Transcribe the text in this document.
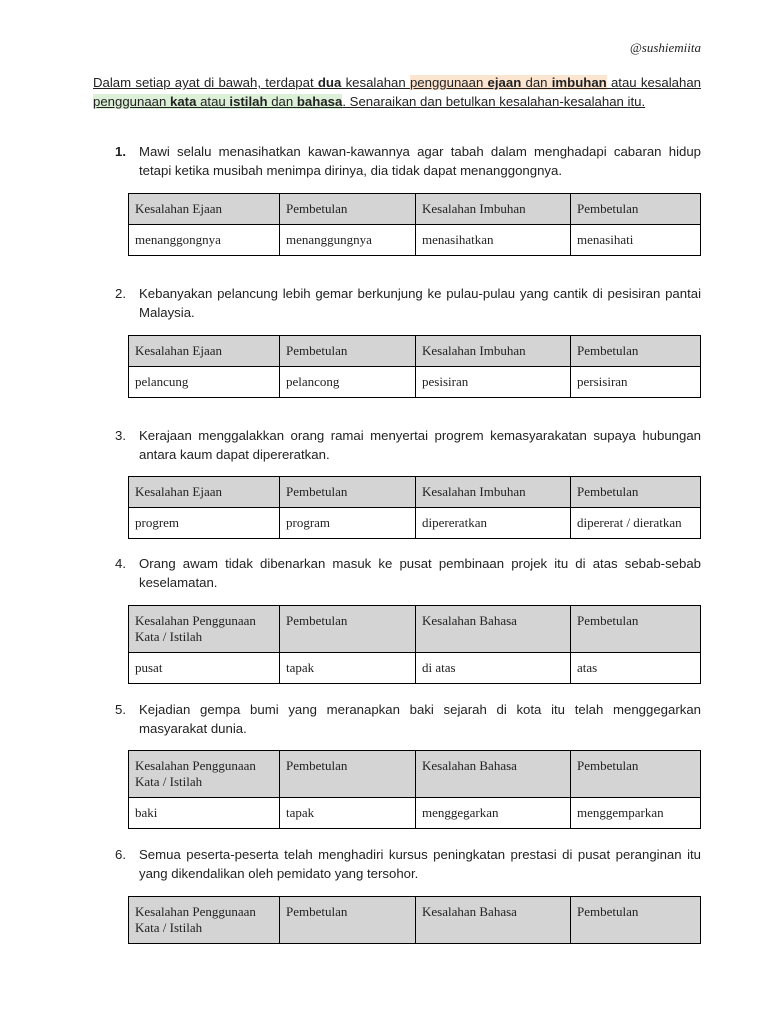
@sushiemiita
Dalam setiap ayat di bawah, terdapat dua kesalahan penggunaan ejaan dan imbuhan atau kesalahan penggunaan kata atau istilah dan bahasa. Senaraikan dan betulkan kesalahan-kesalahan itu.
1. Mawi selalu menasihatkan kawan-kawannya agar tabah dalam menghadapi cabaran hidup tetapi ketika musibah menimpa dirinya, dia tidak dapat menanggongnya.
Kesalahan Ejaan	Pembetulan	Kesalahan Imbuhan	Pembetulan
menanggongnya	menanggungnya	menasihatkan	menasihati
2. Kebanyakan pelancung lebih gemar berkunjung ke pulau-pulau yang cantik di pesisiran pantai Malaysia.
Kesalahan Ejaan	Pembetulan	Kesalahan Imbuhan	Pembetulan
pelancung	pelancong	pesisiran	persisiran
3. Kerajaan menggalakkan orang ramai menyertai progrem kemasyarakatan supaya hubungan antara kaum dapat dipereratkan.
Kesalahan Ejaan	Pembetulan	Kesalahan Imbuhan	Pembetulan
progrem	program	dipereratkan	dipererat / dieratkan
4. Orang awam tidak dibenarkan masuk ke pusat pembinaan projek itu di atas sebab-sebab keselamatan.
Kesalahan Penggunaan Kata / Istilah	Pembetulan	Kesalahan Bahasa	Pembetulan
pusat	tapak	di atas	atas
5. Kejadian gempa bumi yang meranapkan baki sejarah di kota itu telah menggegarkan masyarakat dunia.
Kesalahan Penggunaan Kata / Istilah	Pembetulan	Kesalahan Bahasa	Pembetulan
baki	tapak	menggegarkan	menggemparkan
6. Semua peserta-peserta telah menghadiri kursus peningkatan prestasi di pusat peranginan itu yang dikendalikan oleh pemidato yang tersohor.
Kesalahan Penggunaan Kata / Istilah	Pembetulan	Kesalahan Bahasa	Pembetulan
